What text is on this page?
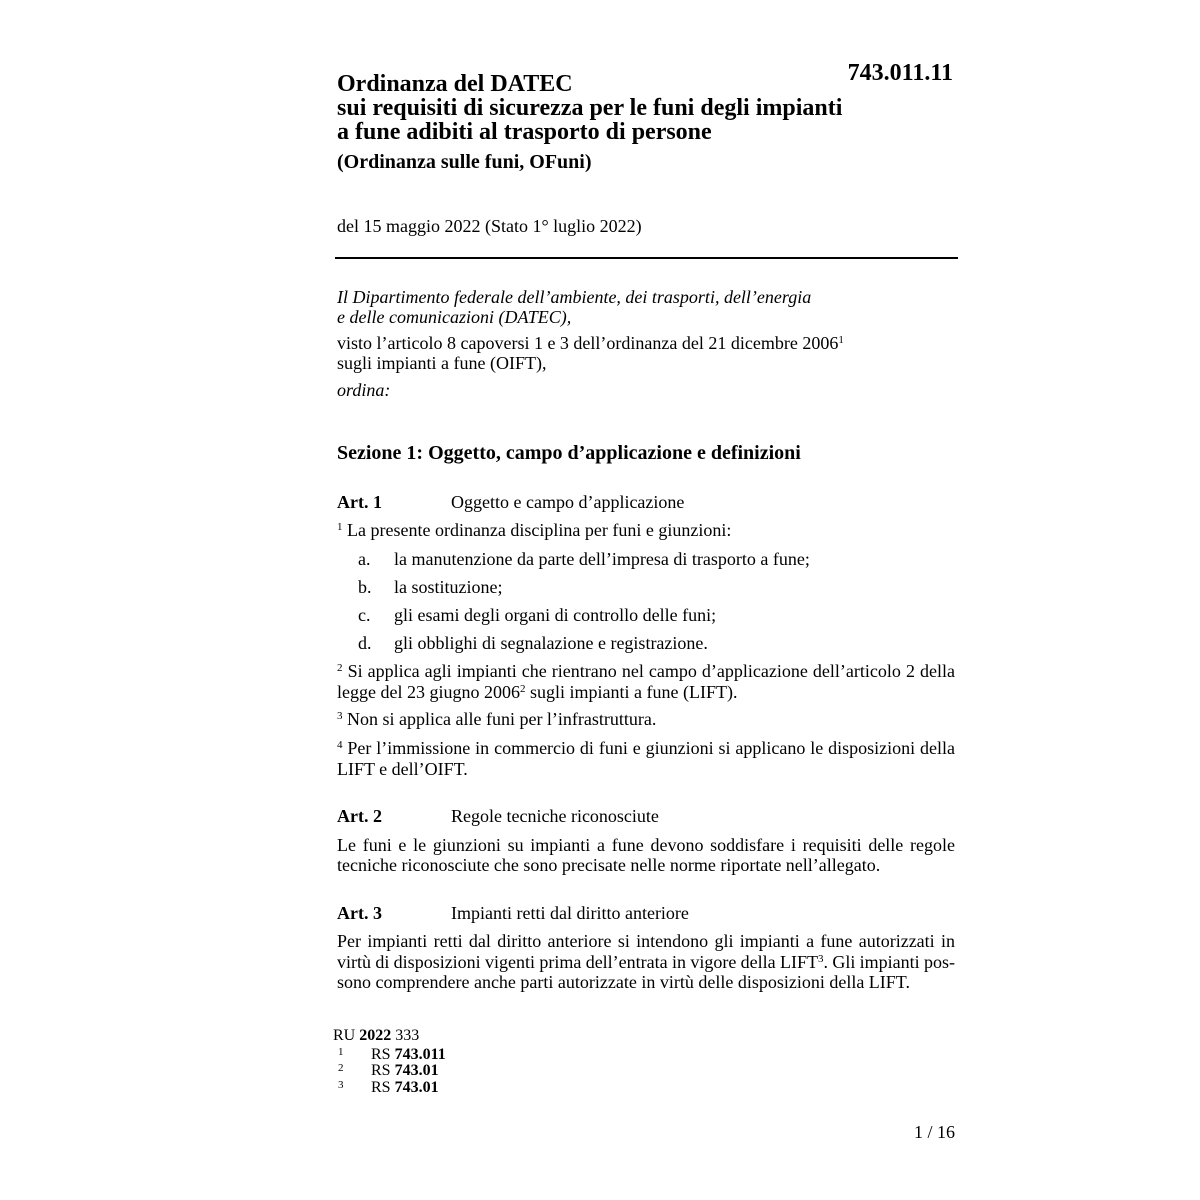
743.011.11
Ordinanza del DATEC
sui requisiti di sicurezza per le funi degli impianti
a fune adibiti al trasporto di persone
(Ordinanza sulle funi, OFuni)
del 15 maggio 2022 (Stato 1° luglio 2022)
Il Dipartimento federale dell’ambiente, dei trasporti, dell’energia
e delle comunicazioni (DATEC),
visto l’articolo 8 capoversi 1 e 3 dell’ordinanza del 21 dicembre 2006$^1$
sugli impianti a fune (OIFT),
ordina:
Sezione 1: Oggetto, campo d’applicazione e definizioni
Art. 1	Oggetto e campo d’applicazione
$^1$ La presente ordinanza disciplina per funi e giunzioni:
a. la manutenzione da parte dell’impresa di trasporto a fune;
b. la sostituzione;
c. gli esami degli organi di controllo delle funi;
d. gli obblighi di segnalazione e registrazione.
$^2$ Si applica agli impianti che rientrano nel campo d’applicazione dell’articolo 2 della
legge del 23 giugno 2006$^2$ sugli impianti a fune (LIFT).
$^3$ Non si applica alle funi per l’infrastruttura.
$^4$ Per l’immissione in commercio di funi e giunzioni si applicano le disposizioni della
LIFT e dell’OIFT.
Art. 2	Regole tecniche riconosciute
Le funi e le giunzioni su impianti a fune devono soddisfare i requisiti delle regole
tecniche riconosciute che sono precisate nelle norme riportate nell’allegato.
Art. 3	Impianti retti dal diritto anteriore
Per impianti retti dal diritto anteriore si intendono gli impianti a fune autorizzati in
virtù di disposizioni vigenti prima dell’entrata in vigore della LIFT$^3$. Gli impianti pos-
sono comprendere anche parti autorizzate in virtù delle disposizioni della LIFT.
RU 2022 333
1 RS 743.011
2 RS 743.01
3 RS 743.01
1 / 16
